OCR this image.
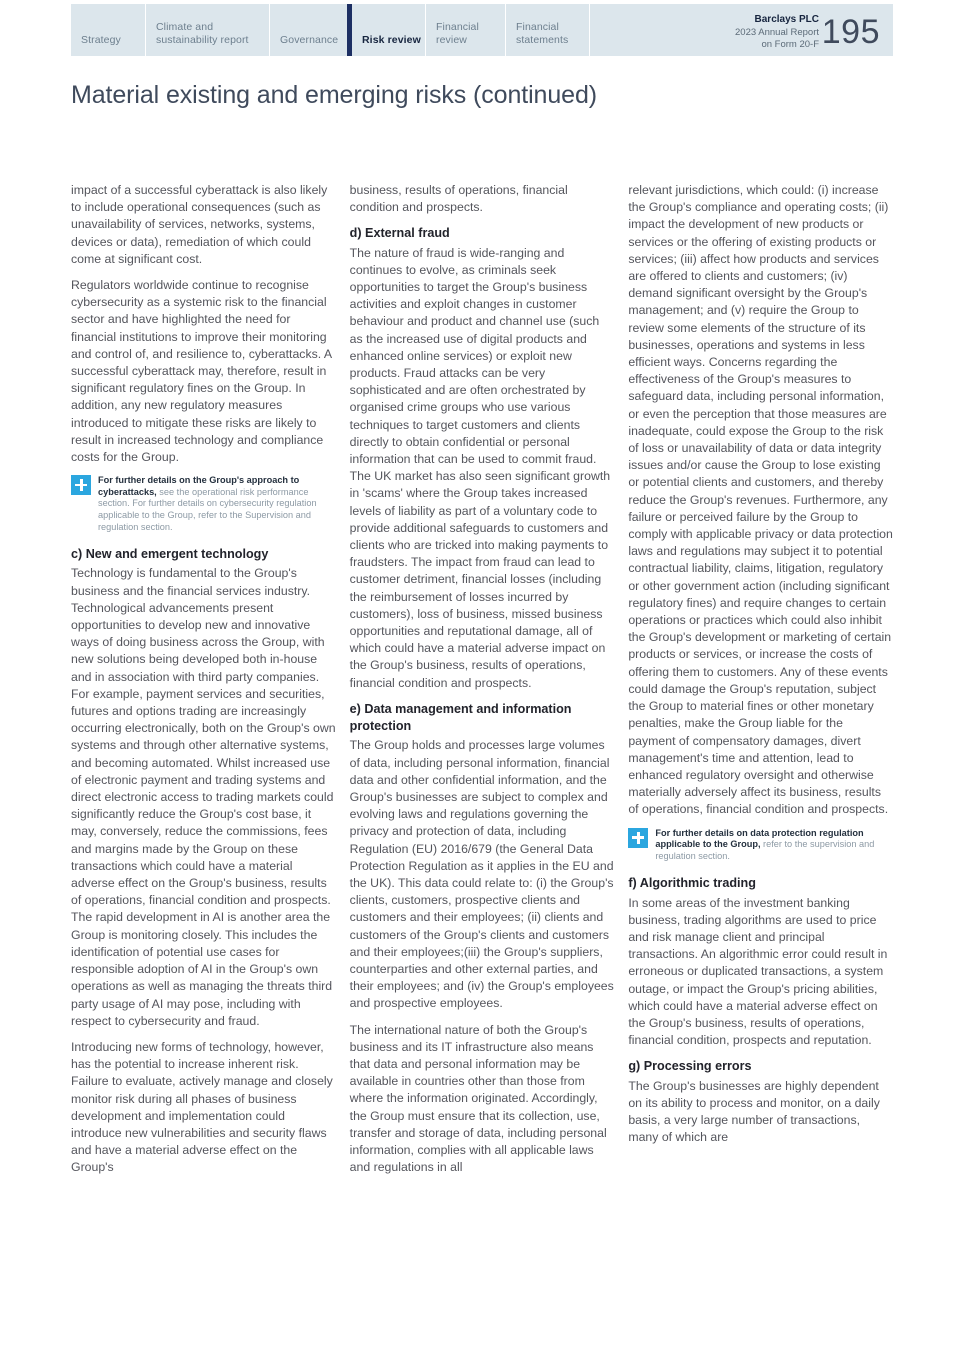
Strategy
Climate and sustainability report	Governance	Risk review
Financial review
Financial statements
Barclays PLC
2023 Annual Report
on Form 20-F 195
Material existing and emerging risks (continued)

impact of a successful cyberattack is also likely to include operational consequences (such as unavailability of services, networks, systems, devices or data), remediation of which could come at significant cost.

Regulators worldwide continue to recognise cybersecurity as a systemic risk to the financial sector and have highlighted the need for financial institutions to improve their monitoring and control of, and resilience to, cyberattacks. A successful cyberattack may, therefore, result in significant regulatory fines on the Group. In addition, any new regulatory measures introduced to mitigate these risks are likely to result in increased technology and compliance costs for the Group.

For further details on the Group's approach to cyberattacks, see the operational risk performance section. For further details on cybersecurity regulation applicable to the Group, refer to the Supervision and regulation section.
c) New and emergent technology

Technology is fundamental to the Group's business and the financial services industry. Technological advancements present opportunities to develop new and innovative ways of doing business across the Group, with new solutions being developed both in-house and in association with third party companies. For example, payment services and securities, futures and options trading are increasingly occurring electronically, both on the Group's own systems and through other alternative systems, and becoming automated. Whilst increased use of electronic payment and trading systems and direct electronic access to trading markets could significantly reduce the Group's cost base, it may, conversely, reduce the commissions, fees and margins made by the Group on these transactions which could have a material adverse effect on the Group's business, results of operations, financial condition and prospects. The rapid development in AI is another area the Group is monitoring closely. This includes the identification of potential use cases for responsible adoption of AI in the Group's own operations as well as managing the threats third party usage of AI may pose, including with respect to cybersecurity and fraud.

Introducing new forms of technology, however, has the potential to increase inherent risk. Failure to evaluate, actively manage and closely monitor risk during all phases of business development and implementation could introduce new vulnerabilities and security flaws and have a material adverse effect on the Group's

business, results of operations, financial condition and prospects.

d) External fraud

The nature of fraud is wide-ranging and continues to evolve, as criminals seek opportunities to target the Group's business activities and exploit changes in customer behaviour and product and channel use (such as the increased use of digital products and enhanced online services) or exploit new products. Fraud attacks can be very sophisticated and are often orchestrated by organised crime groups who use various techniques to target customers and clients directly to obtain confidential or personal information that can be used to commit fraud. The UK market has also seen significant growth in 'scams' where the Group takes increased levels of liability as part of a voluntary code to provide additional safeguards to customers and clients who are tricked into making payments to fraudsters. The impact from fraud can lead to customer detriment, financial losses (including the reimbursement of losses incurred by customers), loss of business, missed business opportunities and reputational damage, all of which could have a material adverse impact on the Group's business, results of operations, financial condition and prospects.

e) Data management and information protection

The Group holds and processes large volumes of data, including personal information, financial data and other confidential information, and the Group's businesses are subject to complex and evolving laws and regulations governing the privacy and protection of data, including Regulation (EU) 2016/679 (the General Data Protection Regulation as it applies in the EU and the UK). This data could relate to: (i) the Group's clients, customers, prospective clients and customers and their employees; (ii) clients and customers of the Group's clients and customers and their employees;(iii) the Group's suppliers, counterparties and other external parties, and their employees; and (iv) the Group's employees and prospective employees.

The international nature of both the Group's business and its IT infrastructure also means that data and personal information may be available in countries other than those from where the information originated. Accordingly, the Group must ensure that its collection, use, transfer and storage of data, including personal information, complies with all applicable laws and regulations in all

relevant jurisdictions, which could: (i) increase the Group's compliance and operating costs; (ii) impact the development of new products or services or the offering of existing products or services; (iii) affect how products and services are offered to clients and customers; (iv) demand significant oversight by the Group's management; and (v) require the Group to review some elements of the structure of its businesses, operations and systems in less efficient ways. Concerns regarding the effectiveness of the Group's measures to safeguard data, including personal information, or even the perception that those measures are inadequate, could expose the Group to the risk of loss or unavailability of data or data integrity issues and/or cause the Group to lose existing or potential clients and customers, and thereby reduce the Group's revenues. Furthermore, any failure or perceived failure by the Group to comply with applicable privacy or data protection laws and regulations may subject it to potential contractual liability, claims, litigation, regulatory or other government action (including significant regulatory fines) and require changes to certain operations or practices which could also inhibit the Group's development or marketing of certain products or services, or increase the costs of offering them to customers. Any of these events could damage the Group's reputation, subject the Group to material fines or other monetary penalties, make the Group liable for the payment of compensatory damages, divert management's time and attention, lead to enhanced regulatory oversight and otherwise materially adversely affect its business, results of operations, financial condition and prospects.

For further details on data protection regulation applicable to the Group, refer to the supervision and regulation section.
f) Algorithmic trading

In some areas of the investment banking business, trading algorithms are used to price and risk manage client and principal transactions. An algorithmic error could result in erroneous or duplicated transactions, a system outage, or impact the Group's pricing abilities, which could have a material adverse effect on the Group's business, results of operations, financial condition, prospects and reputation.

g) Processing errors

The Group's businesses are highly dependent on its ability to process and monitor, on a daily basis, a very large number of transactions, many of which are
